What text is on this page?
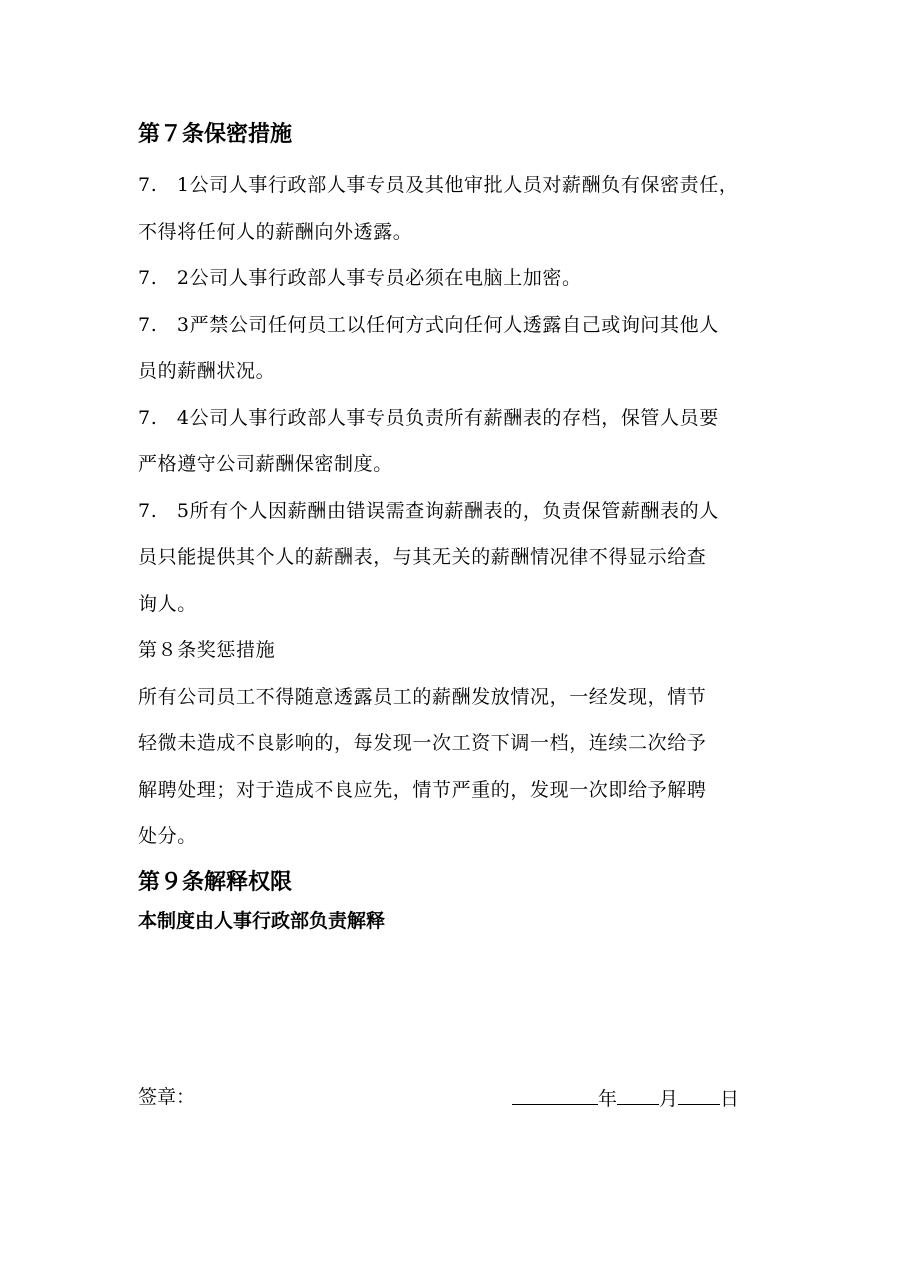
第７条保密措施

7.　1公司人事行政部人事专员及其他审批人员对薪酬负有保密责任，
不得将任何人的薪酬向外透露。

7.　2公司人事行政部人事专员必须在电脑上加密。

7.　3严禁公司任何员工以任何方式向任何人透露自己或询问其他人
员的薪酬状况。

7.　4公司人事行政部人事专员负责所有薪酬表的存档，保管人员要
严格遵守公司薪酬保密制度。

7.　5所有个人因薪酬由错误需查询薪酬表的，负责保管薪酬表的人
员只能提供其个人的薪酬表，与其无关的薪酬情况律不得显示给查
询人。

第８条奖惩措施

所有公司员工不得随意透露员工的薪酬发放情况，一经发现，情节
轻微未造成不良影响的，每发现一次工资下调一档，连续二次给予
解聘处理；对于造成不良应先，情节严重的，发现一次即给予解聘
处分。

第９条解释权限

本制度由人事行政部负责解释

签章：	年 月 日
